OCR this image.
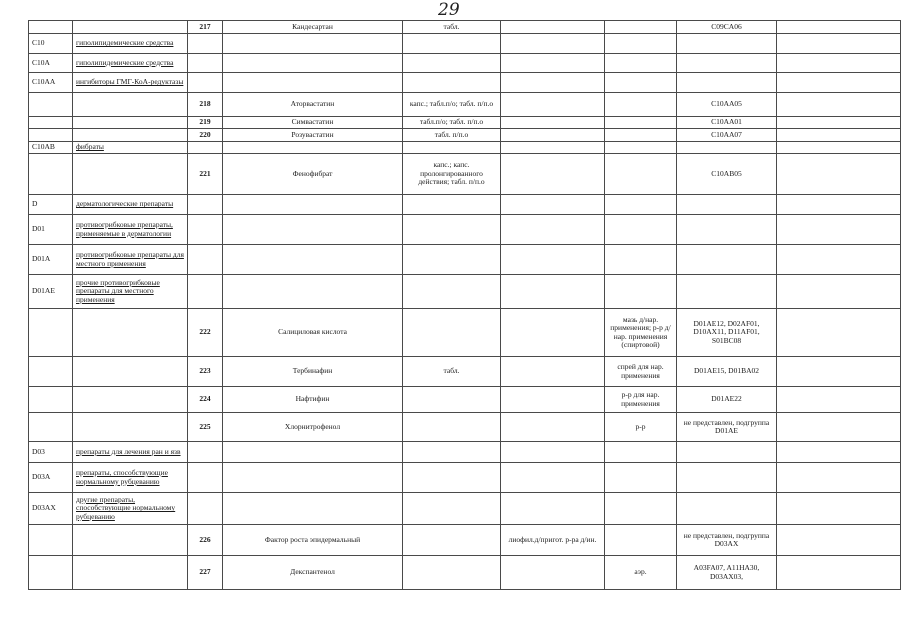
29
		217	Кандесартан	табл.			C09CA06	
C10	гиполипидемические средства							
C10A	гиполипидемические средства							
C10AA	ингибиторы ГМГ-КоА-редуктазы							
		218	Аторвастатин	капс.; табл.п/о; табл. п/п.о			C10AA05	
		219	Симвастатин	табл.п/о; табл. п/п.о			C10AA01	
		220	Розувастатин	табл. п/п.о			C10AA07	
C10AB	фибраты							
		221	Фенофибрат	капс.; капс. пролонгированного действия; табл. п/п.о			C10AB05	
D	дерматологические препараты							
D01	противогрибковые препараты, применяемые в дерматологии							
D01A	противогрибковые препараты для местного применения							
D01AE	прочие противогрибковые препараты для местного применения							
		222	Салициловая кислота			мазь д/нар. применения; р-р д/нар. применения (спиртовой)	D01AE12, D02AF01, D10AX11, D11AF01, S01BC08	
		223	Тербинафин	табл.		спрей для нар. применения	D01AE15, D01BA02	
		224	Нафтифин			р-р для нар. применения	D01AE22	
		225	Хлорнитрофенол			р-р	не представлен, подгруппа D01AE	
D03	препараты для лечения ран и язв							
D03A	препараты, способствующие нормальному рубцеванию							
D03AX	другие препараты, способствующие нормальному рубцеванию							
		226	Фактор роста эпидермальный		лиофил.д/пригот. р-ра д/ин.		не представлен, подгруппа D03AX	
		227	Декспантенол			аэр.	A03FA07, A11HA30, D03AX03,	
